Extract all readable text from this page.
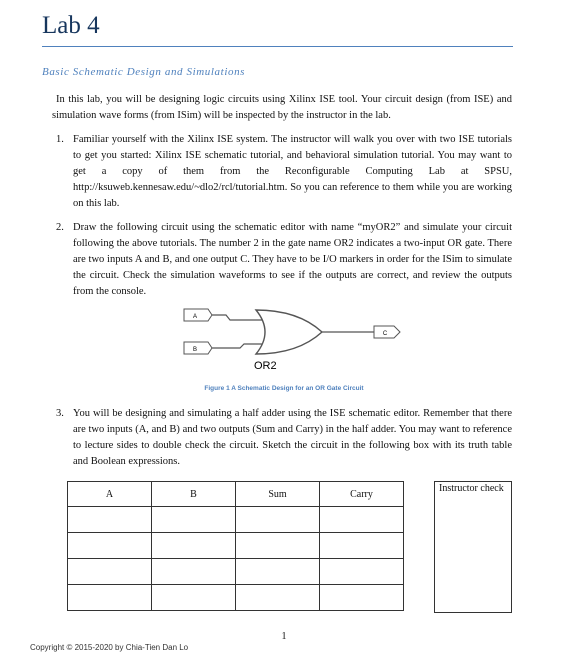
Lab 4
Basic Schematic Design and Simulations
In this lab, you will be designing logic circuits using Xilinx ISE tool. Your circuit design (from ISE) and simulation wave forms (from ISim) will be inspected by the instructor in the lab.
1. Familiar yourself with the Xilinx ISE system. The instructor will walk you over with two ISE tutorials to get you started: Xilinx ISE schematic tutorial, and behavioral simulation tutorial. You may want to get a copy of them from the Reconfigurable Computing Lab at SPSU, http://ksuweb.kennesaw.edu/~dlo2/rcl/tutorial.htm. So you can reference to them while you are working on this lab.
2. Draw the following circuit using the schematic editor with name “myOR2” and simulate your circuit following the above tutorials. The number 2 in the gate name OR2 indicates a two-input OR gate. There are two inputs A and B, and one output C. They have to be I/O markers in order for the ISim to simulate the circuit. Check the simulation waveforms to see if the outputs are correct, and review the outputs from the console.
A
B
C
OR2
Figure 1 A Schematic Design for an OR Gate Circuit
3. You will be designing and simulating a half adder using the ISE schematic editor. Remember that there are two inputs (A, and B) and two outputs (Sum and Carry) in the half adder. You may want to reference to lecture sides to double check the circuit. Sketch the circuit in the following box with its truth table and Boolean expressions.
A	B	Sum	Carry

				Instructor check
1
Copyright © 2015-2020 by Chia-Tien Dan Lo
